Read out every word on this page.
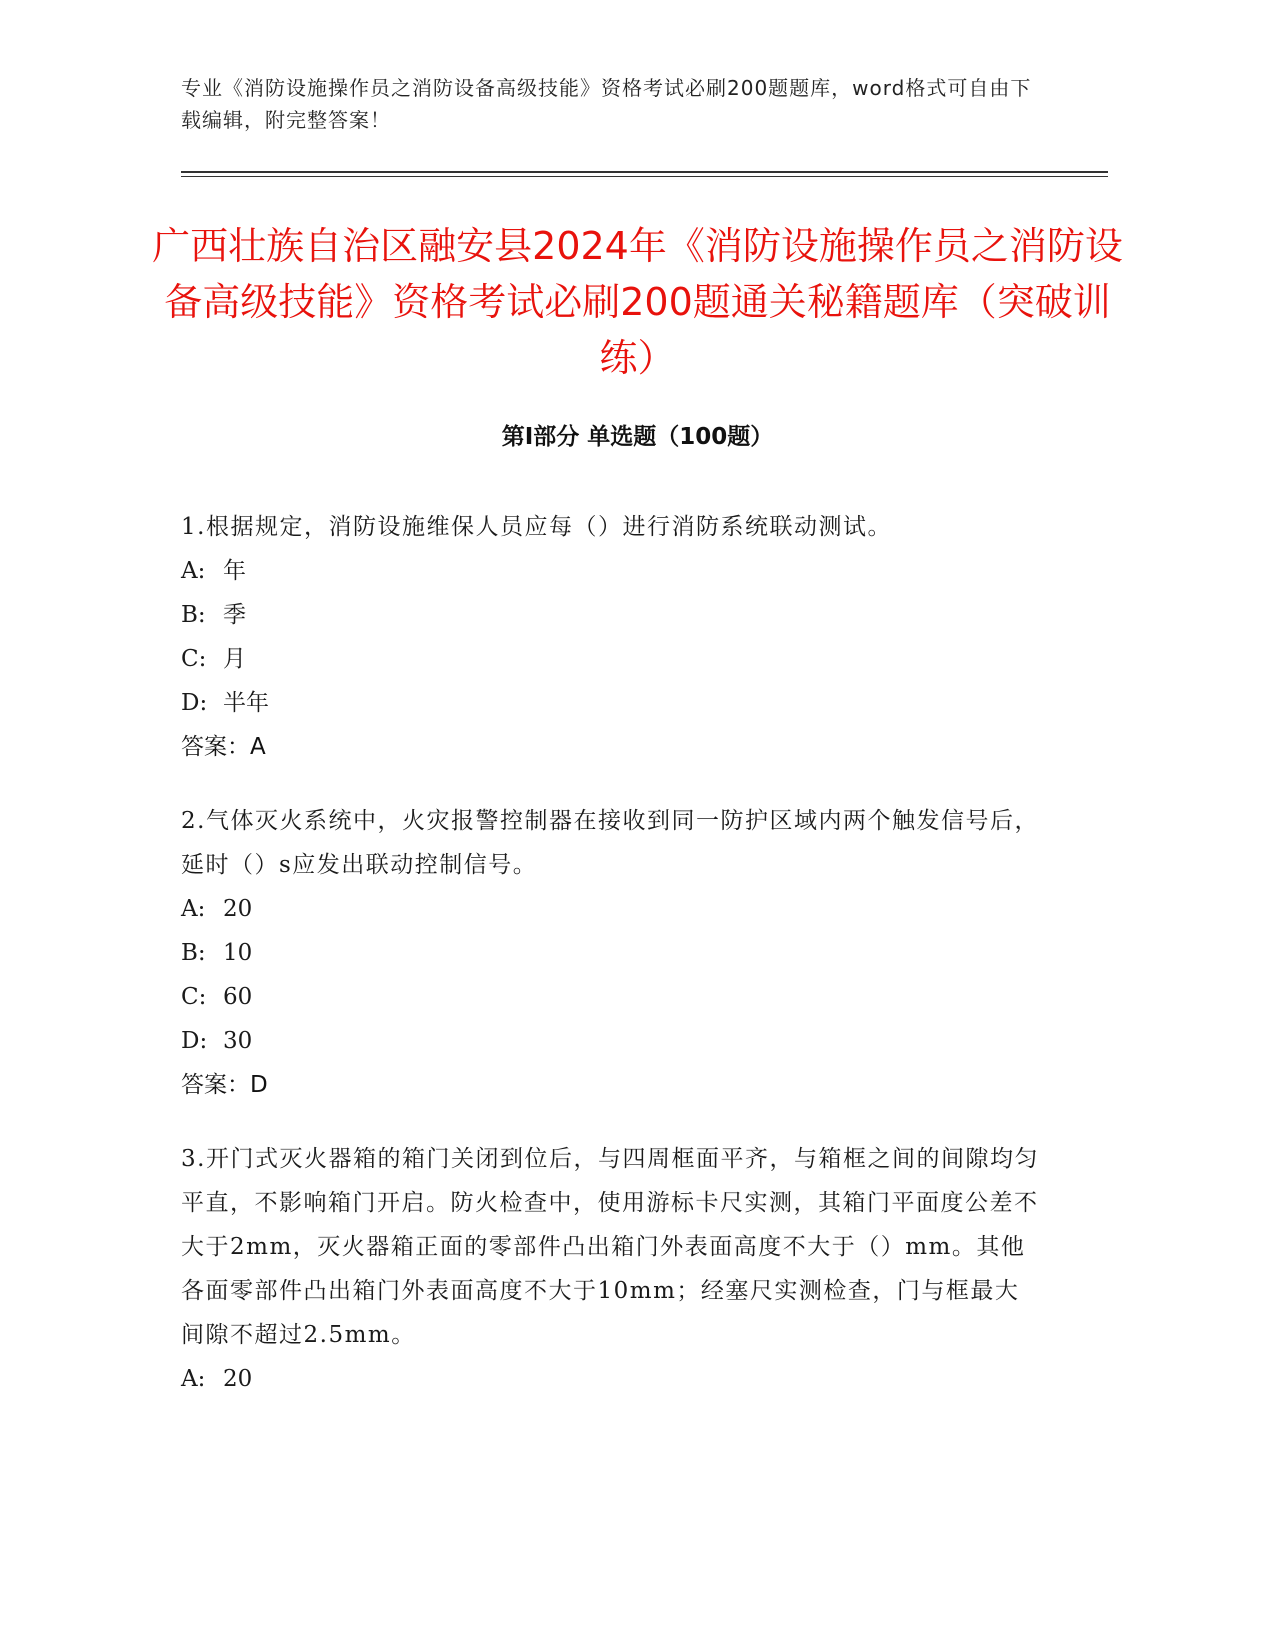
专业《消防设施操作员之消防设备高级技能》资格考试必刷200题题库，word格式可自由下载编辑，附完整答案！
广西壮族自治区融安县2024年《消防设施操作员之消防设备高级技能》资格考试必刷200题通关秘籍题库（突破训练）
第Ⅰ部分 单选题（100题）

1.根据规定，消防设施维保人员应每（）进行消防系统联动测试。

A: 年

B: 季

C: 月

D: 半年

答案：A

2.气体灭火系统中，火灾报警控制器在接收到同一防护区域内两个触发信号后，延时（）s应发出联动控制信号。

A: 20

B: 10

C: 60

D: 30

答案：D

3.开门式灭火器箱的箱门关闭到位后，与四周框面平齐，与箱框之间的间隙均匀平直，不影响箱门开启。防火检查中，使用游标卡尺实测，其箱门平面度公差不大于2mm，灭火器箱正面的零部件凸出箱门外表面高度不大于（）mm。其他各面零部件凸出箱门外表面高度不大于10mm；经塞尺实测检查，门与框最大间隙不超过2.5mm。

A: 20
